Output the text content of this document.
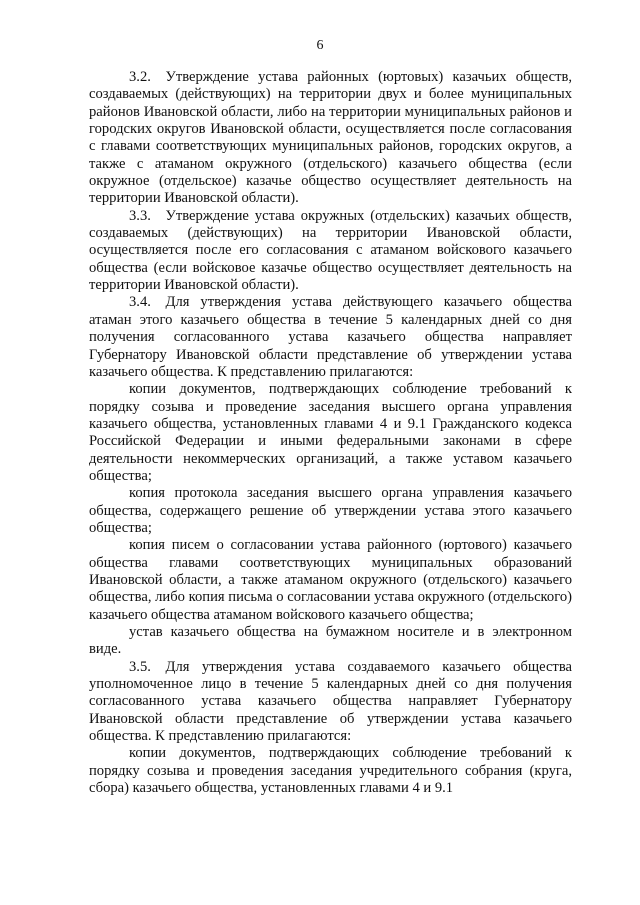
6

3.2. Утверждение устава районных (юртовых) казачьих обществ, создаваемых (действующих) на территории двух и более муниципальных районов Ивановской области, либо на территории муниципальных районов и городских округов Ивановской области, осуществляется после согласования с главами соответствующих муниципальных районов, городских округов, а также с атаманом окружного (отдельского) казачьего общества (если окружное (отдельское) казачье общество осуществляет деятельность на территории Ивановской области).

3.3. Утверждение устава окружных (отдельских) казачьих обществ, создаваемых (действующих) на территории Ивановской области, осуществляется после его согласования с атаманом войскового казачьего общества (если войсковое казачье общество осуществляет деятельность на территории Ивановской области).

3.4. Для утверждения устава действующего казачьего общества атаман этого казачьего общества в течение 5 календарных дней со дня получения согласованного устава казачьего общества направляет Губернатору Ивановской области представление об утверждении устава казачьего общества. К представлению прилагаются:

копии документов, подтверждающих соблюдение требований к порядку созыва и проведение заседания высшего органа управления казачьего общества, установленных главами 4 и 9.1 Гражданского кодекса Российской Федерации и иными федеральными законами в сфере деятельности некоммерческих организаций, а также уставом казачьего общества;

копия протокола заседания высшего органа управления казачьего общества, содержащего решение об утверждении устава этого казачьего общества;

копия писем о согласовании устава районного (юртового) казачьего общества главами соответствующих муниципальных образований Ивановской области, а также атаманом окружного (отдельского) казачьего общества, либо копия письма о согласовании устава окружного (отдельского) казачьего общества атаманом войскового казачьего общества;

устав казачьего общества на бумажном носителе и в электронном виде.

3.5. Для утверждения устава создаваемого казачьего общества уполномоченное лицо в течение 5 календарных дней со дня получения согласованного устава казачьего общества направляет Губернатору Ивановской области представление об утверждении устава казачьего общества. К представлению прилагаются:

копии документов, подтверждающих соблюдение требований к порядку созыва и проведения заседания учредительного собрания (круга, сбора) казачьего общества, установленных главами 4 и 9.1
